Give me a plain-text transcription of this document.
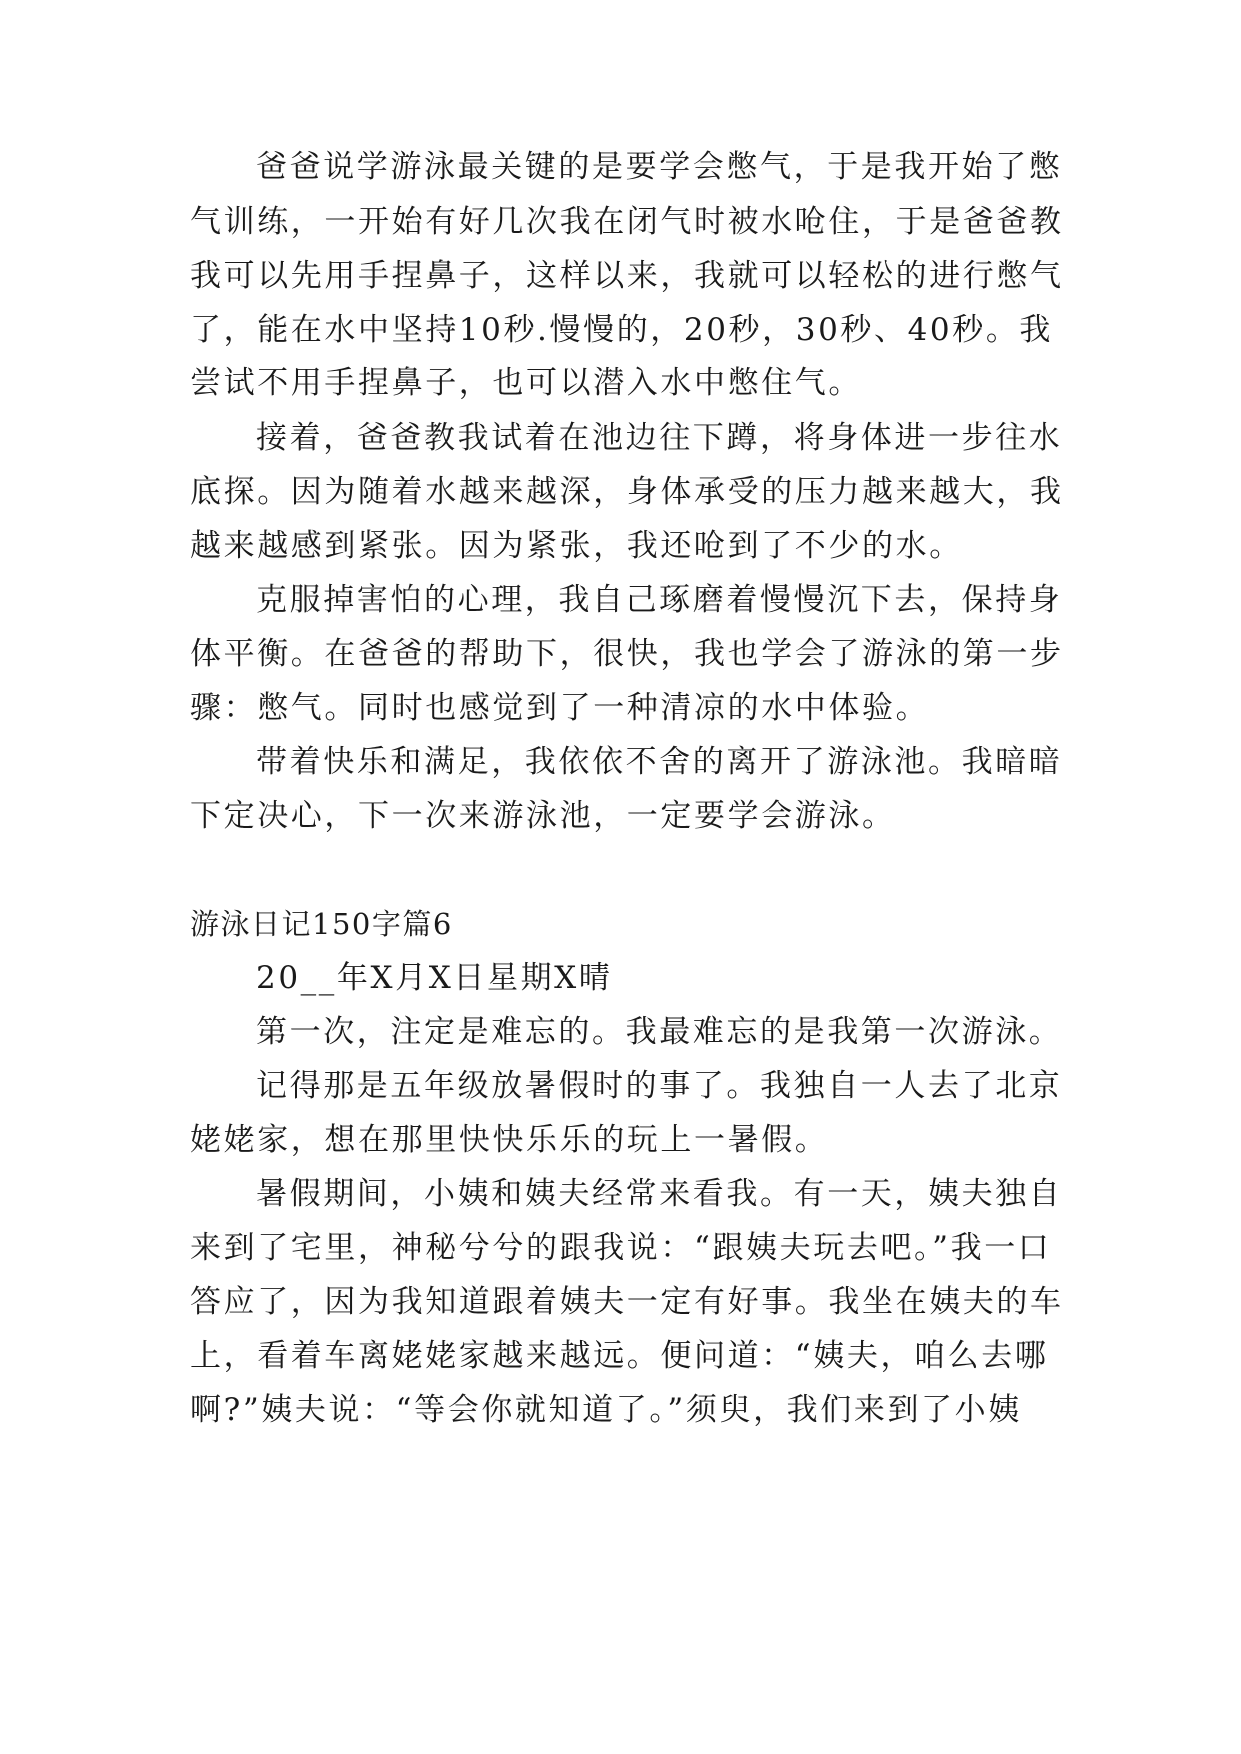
爸爸说学游泳最关键的是要学会憋气，于是我开始了憋

气训练，一开始有好几次我在闭气时被水呛住，于是爸爸教

我可以先用手捏鼻子，这样以来，我就可以轻松的进行憋气

了，能在水中坚持10秒.慢慢的，20秒，30秒、40秒。我

尝试不用手捏鼻子，也可以潜入水中憋住气。

接着，爸爸教我试着在池边往下蹲，将身体进一步往水

底探。因为随着水越来越深，身体承受的压力越来越大，我

越来越感到紧张。因为紧张，我还呛到了不少的水。

克服掉害怕的心理，我自己琢磨着慢慢沉下去，保持身

体平衡。在爸爸的帮助下，很快，我也学会了游泳的第一步

骤：憋气。同时也感觉到了一种清凉的水中体验。

带着快乐和满足，我依依不舍的离开了游泳池。我暗暗

下定决心，下一次来游泳池，一定要学会游泳。

游泳日记150字篇6

20__年X月X日星期X晴

第一次，注定是难忘的。我最难忘的是我第一次游泳。

记得那是五年级放暑假时的事了。我独自一人去了北京

姥姥家，想在那里快快乐乐的玩上一暑假。

暑假期间，小姨和姨夫经常来看我。有一天，姨夫独自

来到了宅里，神秘兮兮的跟我说：“跟姨夫玩去吧。”我一口

答应了，因为我知道跟着姨夫一定有好事。我坐在姨夫的车

上，看着车离姥姥家越来越远。便问道：“姨夫，咱么去哪

啊?”姨夫说：“等会你就知道了。”须臾，我们来到了小姨
